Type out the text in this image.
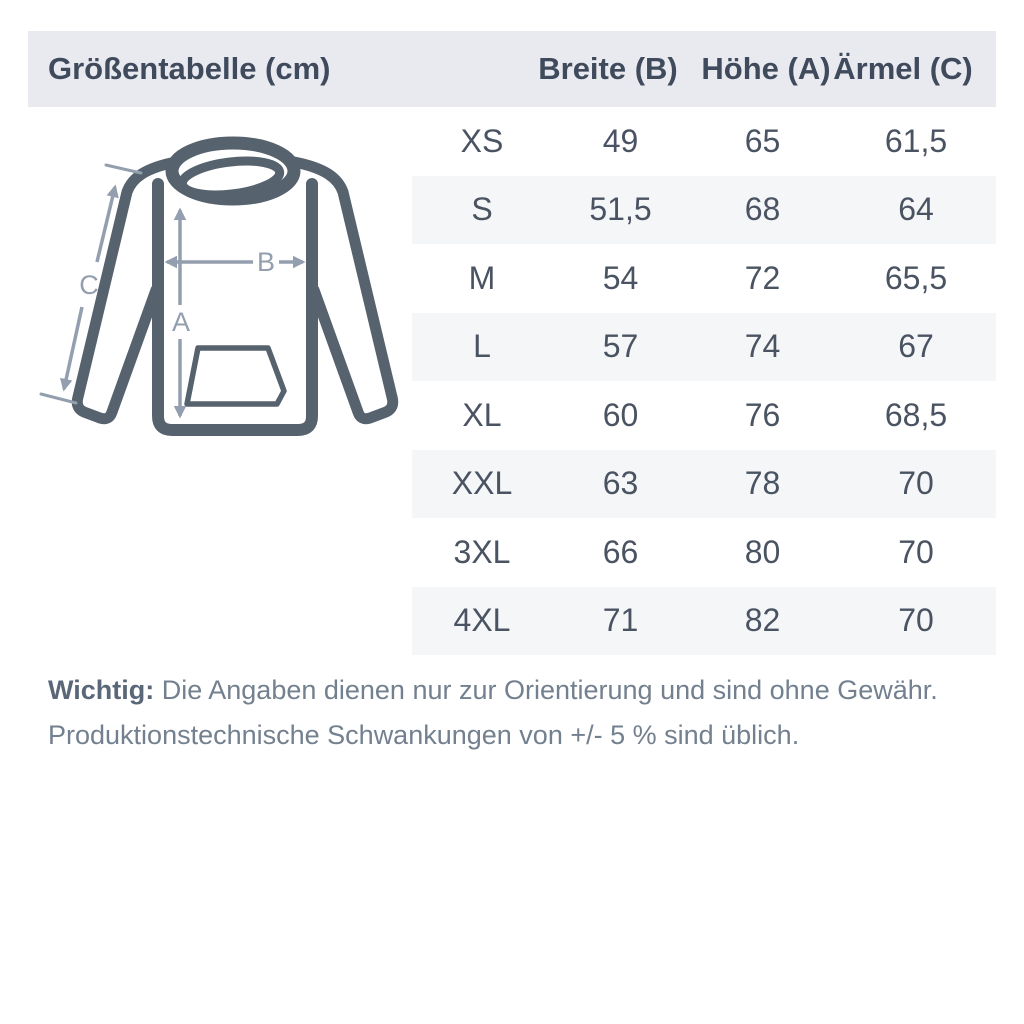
Größentabelle (cm)	Breite (B) Höhe (A) Ärmel (C)
A
B
C
XS	49	65	61,5
S	51,5	68	64
M	54	72	65,5
L	57	74	67
XL	60	76	68,5
XXL	63	78	70
3XL	66	80	70
4XL	71	82	70

Wichtig: Die Angaben dienen nur zur Orientierung und sind ohne Gewähr.

Produktionstechnische Schwankungen von +/- 5 % sind üblich.
